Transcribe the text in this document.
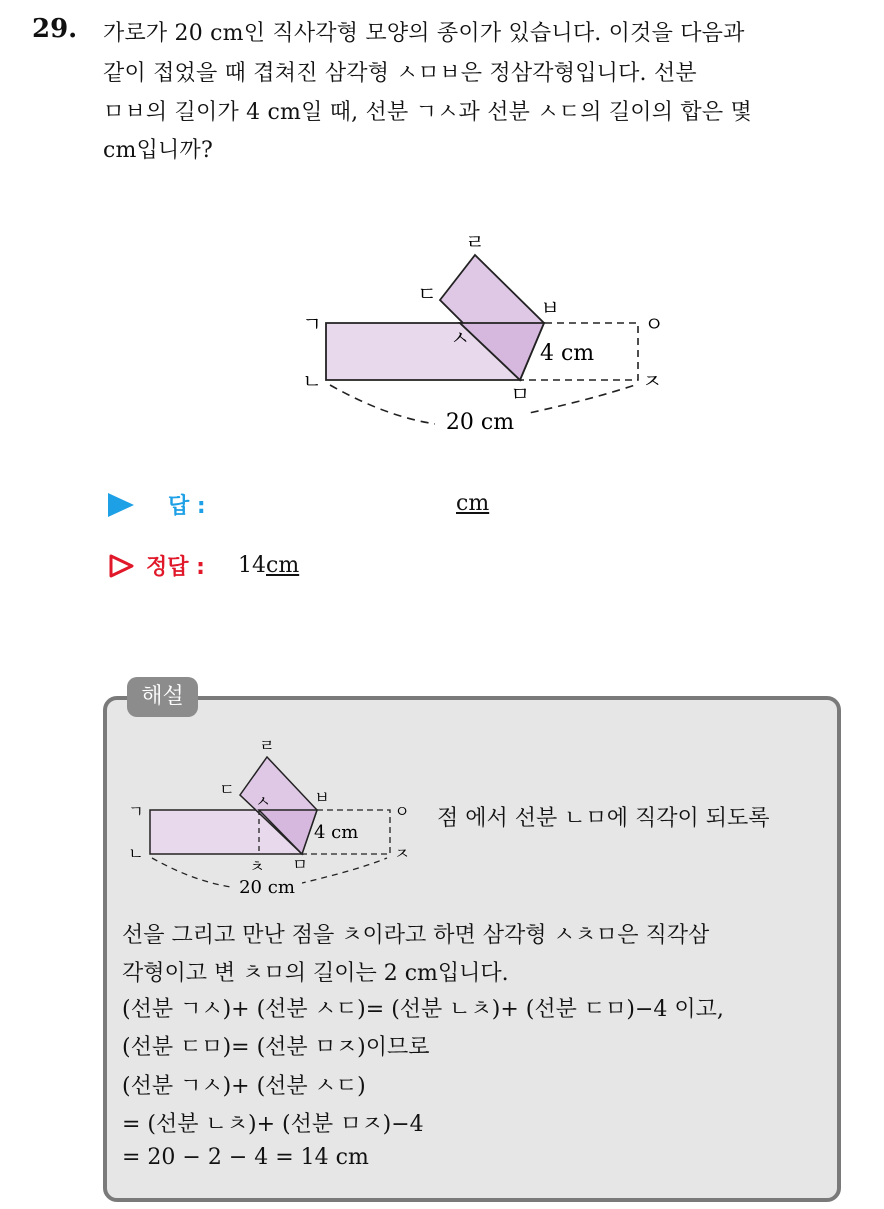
29. 가로가 20 cm인 직사각형 모양의 종이가 있습니다. 이것을 다음과
같이 접었을 때 겹쳐진 삼각형 ㅅㅁㅂ은 정삼각형입니다. 선분
ㅁㅂ의 길이가 4 cm일 때, 선분 ㄱㅅ과 선분 ㅅㄷ의 길이의 합은 몇
cm입니까?
ㄹ
ㄷ
ㄱ
ㄴ
ㅅ
ㅂ
ㅇ
ㅈ
ㅁ
4 cm
20 cm
답 :	cm
정답 : 14cm
해설
ㄹ
ㄷ
ㄱ
ㄴ
ㅅ	ㅂ
ㅇ
ㅈ
ㅊ ㅁ
4 cm
20 cm
점 에서 선분 ㄴㅁ에 직각이 되도록
선을 그리고 만난 점을 ㅊ이라고 하면 삼각형 ㅅㅊㅁ은 직각삼
각형이고 변 ㅊㅁ의 길이는 2 cm입니다.
(선분 ㄱㅅ)+ (선분 ㅅㄷ)= (선분 ㄴㅊ)+ (선분 ㄷㅁ)−4 이고,
(선분 ㄷㅁ)= (선분 ㅁㅈ)이므로
(선분 ㄱㅅ)+ (선분 ㅅㄷ)
= (선분 ㄴㅊ)+ (선분 ㅁㅈ)−4
= 20 − 2 − 4 = 14 cm
